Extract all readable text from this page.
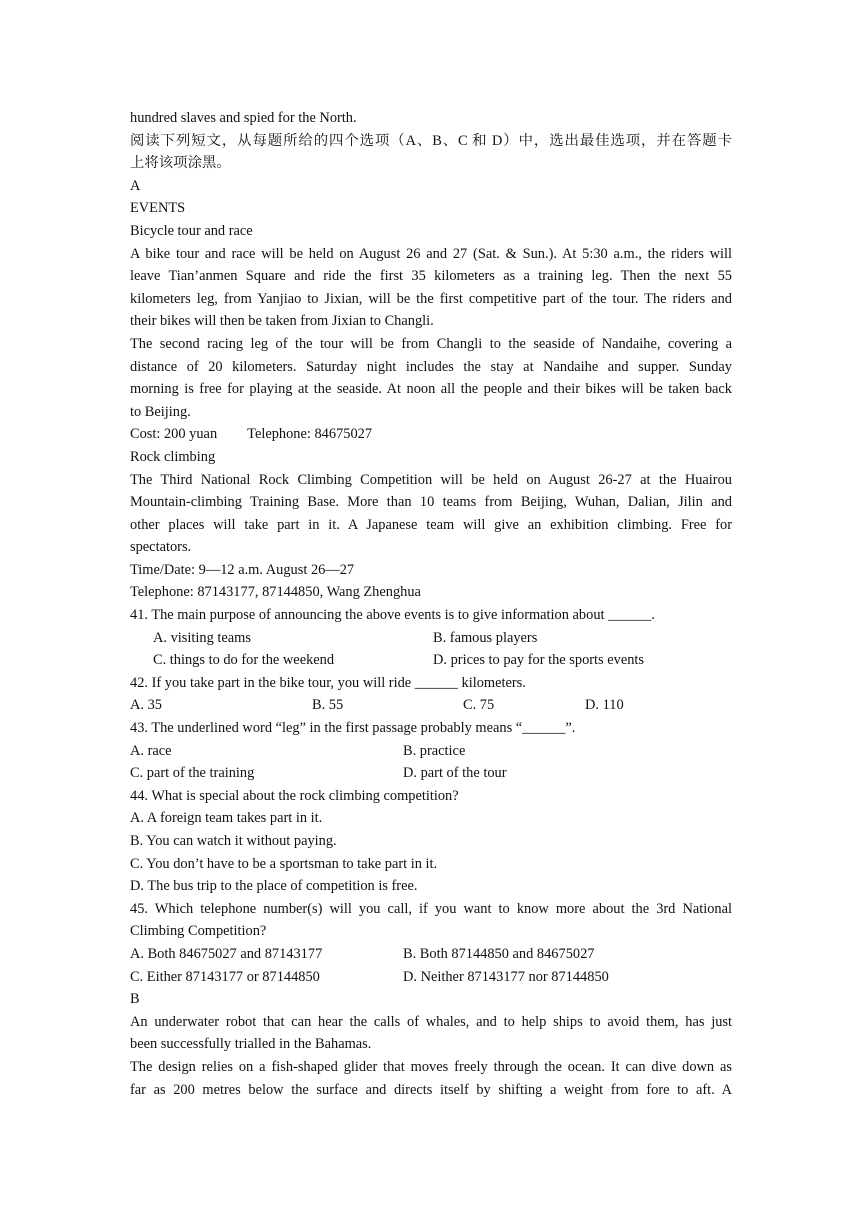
hundred slaves and spied for the North.
阅读下列短文，从每题所给的四个选项（A、B、C 和 D）中，选出最佳选项，并在答题卡
上将该项涂黑。
A
EVENTS
Bicycle tour and race
A bike tour and race will be held on August 26 and 27 (Sat. & Sun.). At 5:30 a.m., the riders will
leave Tian’anmen Square and ride the first 35 kilometers as a training leg. Then the next 55
kilometers leg, from Yanjiao to Jixian, will be the first competitive part of the tour. The riders and
their bikes will then be taken from Jixian to Changli.
The second racing leg of the tour will be from Changli to the seaside of Nandaihe, covering a
distance of 20 kilometers. Saturday night includes the stay at Nandaihe and supper. Sunday
morning is free for playing at the seaside. At noon all the people and their bikes will be taken back
to Beijing.
Cost: 200 yuan Telephone: 84675027
Rock climbing
The Third National Rock Climbing Competition will be held on August 26-27 at the Huairou
Mountain-climbing Training Base. More than 10 teams from Beijing, Wuhan, Dalian, Jilin and
other places will take part in it. A Japanese team will give an exhibition climbing. Free for
spectators.
Time/Date: 9—12 a.m. August 26—27
Telephone: 87143177, 87144850, Wang Zhenghua
41. The main purpose of announcing the above events is to give information about ______.
A. visiting teams	B. famous players
C. things to do for the weekend	D. prices to pay for the sports events
42. If you take part in the bike tour, you will ride ______ kilometers.
A. 35	B. 55	C. 75	D. 110
43. The underlined word “leg” in the first passage probably means “______”.
A. race	B. practice
C. part of the training	D. part of the tour
44. What is special about the rock climbing competition?
A. A foreign team takes part in it.
B. You can watch it without paying.
C. You don’t have to be a sportsman to take part in it.
D. The bus trip to the place of competition is free.
45. Which telephone number(s) will you call, if you want to know more about the 3rd National
Climbing Competition?
A. Both 84675027 and 87143177	B. Both 87144850 and 84675027
C. Either 87143177 or 87144850	D. Neither 87143177 nor 87144850
B
An underwater robot that can hear the calls of whales, and to help ships to avoid them, has just
been successfully trialled in the Bahamas.
The design relies on a fish-shaped glider that moves freely through the ocean. It can dive down as
far as 200 metres below the surface and directs itself by shifting a weight from fore to aft. A
